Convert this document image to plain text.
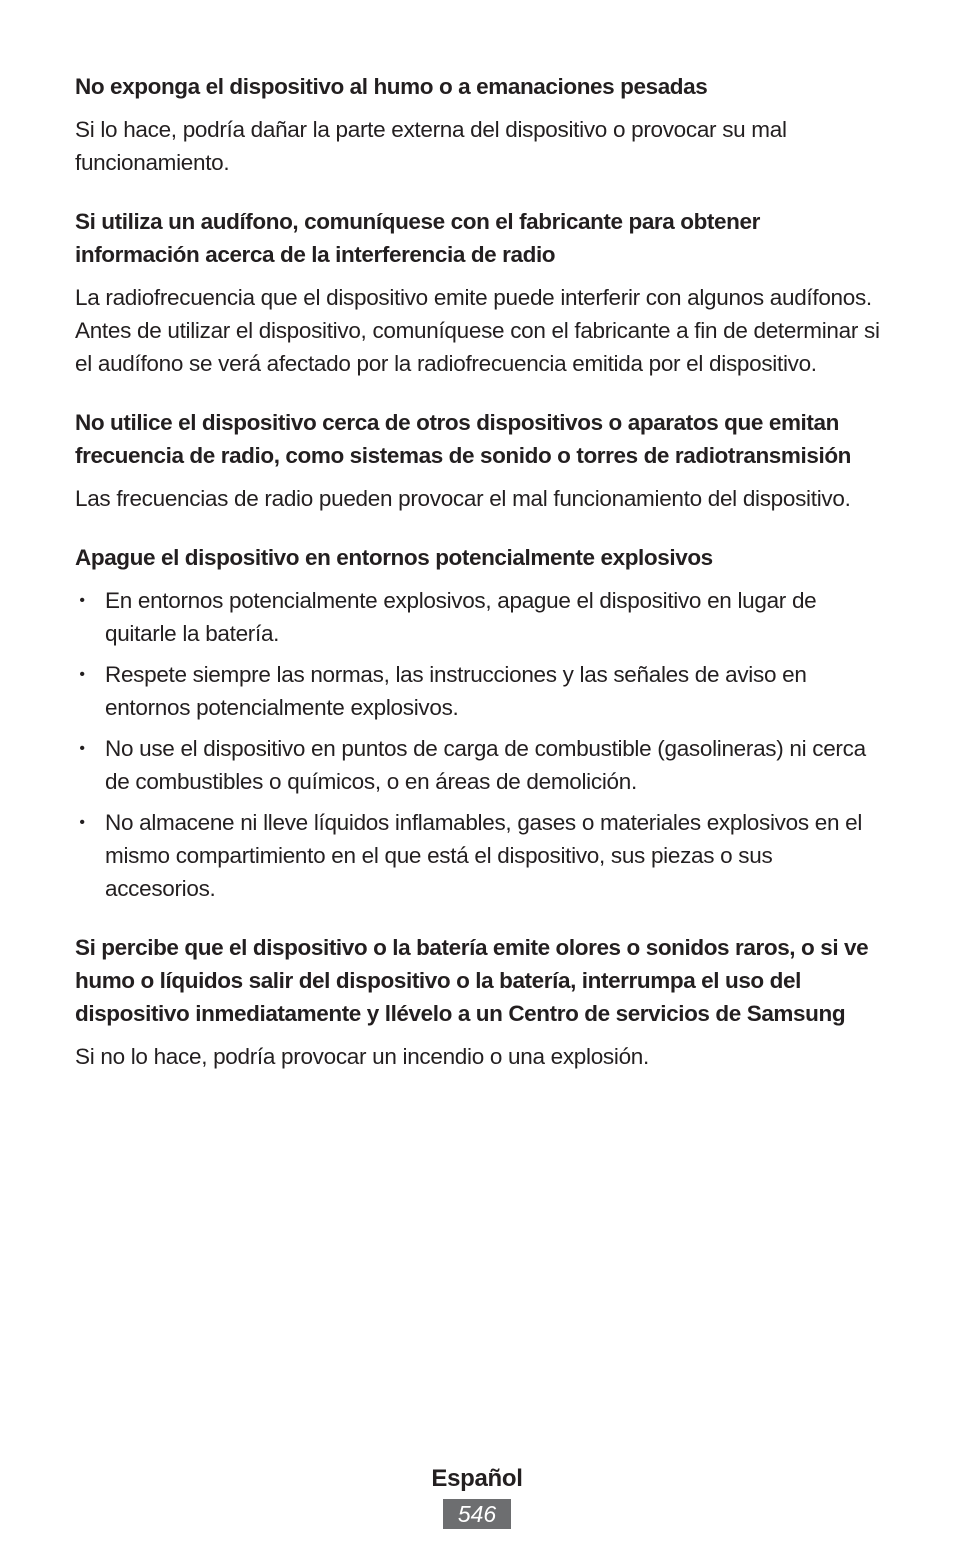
No exponga el dispositivo al humo o a emanaciones pesadas

Si lo hace, podría dañar la parte externa del dispositivo o provocar su mal funcionamiento.

Si utiliza un audífono, comuníquese con el fabricante para obtener información acerca de la interferencia de radio

La radiofrecuencia que el dispositivo emite puede interferir con algunos audífonos. Antes de utilizar el dispositivo, comuníquese con el fabricante a fin de determinar si el audífono se verá afectado por la radiofrecuencia emitida por el dispositivo.

No utilice el dispositivo cerca de otros dispositivos o aparatos que emitan frecuencia de radio, como sistemas de sonido o torres de radiotransmisión

Las frecuencias de radio pueden provocar el mal funcionamiento del dispositivo.

Apague el dispositivo en entornos potencialmente explosivos

• En entornos potencialmente explosivos, apague el dispositivo en lugar de quitarle la batería.
• Respete siempre las normas, las instrucciones y las señales de aviso en entornos potencialmente explosivos.
• No use el dispositivo en puntos de carga de combustible (gasolineras) ni cerca de combustibles o químicos, o en áreas de demolición.
• No almacene ni lleve líquidos inflamables, gases o materiales explosivos en el mismo compartimiento en el que está el dispositivo, sus piezas o sus accesorios.

Si percibe que el dispositivo o la batería emite olores o sonidos raros, o si ve humo o líquidos salir del dispositivo o la batería, interrumpa el uso del dispositivo inmediatamente y llévelo a un Centro de servicios de Samsung

Si no lo hace, podría provocar un incendio o una explosión.

Español
546
